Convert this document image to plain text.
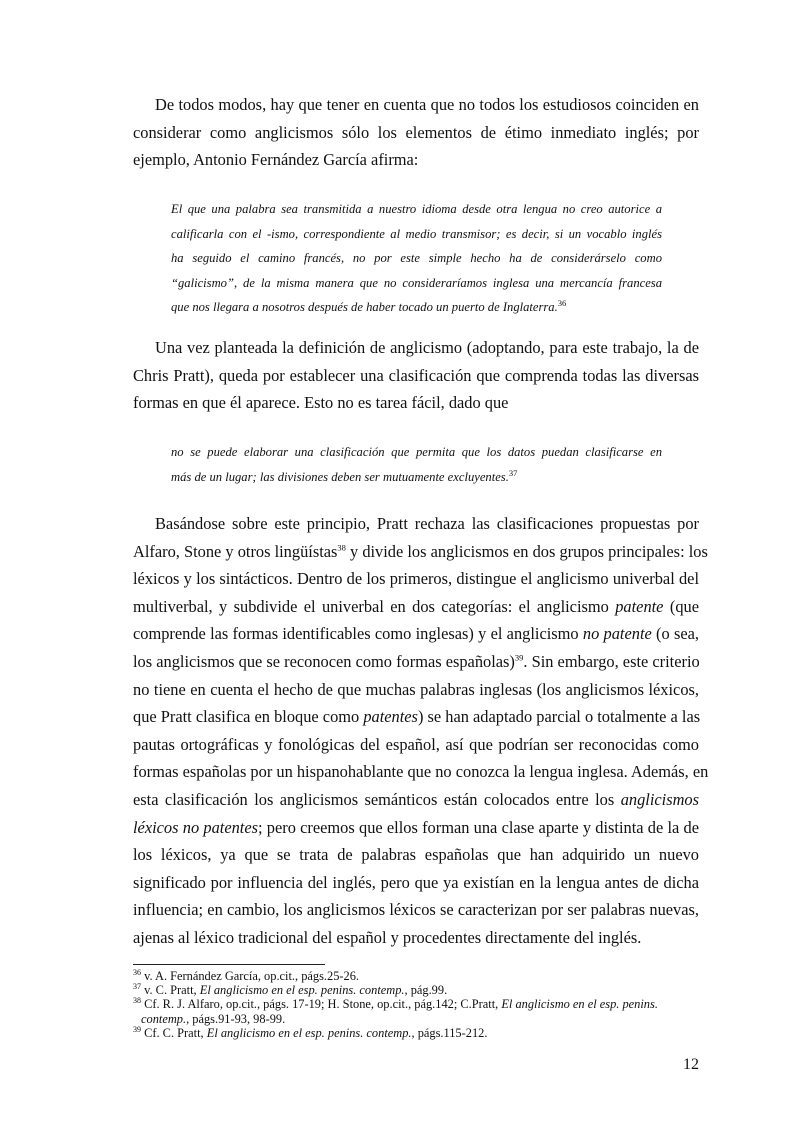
De todos modos, hay que tener en cuenta que no todos los estudiosos coinciden en
considerar como anglicismos sólo los elementos de étimo inmediato inglés; por
ejemplo, Antonio Fernández García afirma:
El que una palabra sea transmitida a nuestro idioma desde otra lengua no creo autorice a
calificarla con el -ismo, correspondiente al medio transmisor; es decir, si un vocablo inglés
ha seguido el camino francés, no por este simple hecho ha de considerárselo como
“galicismo”, de la misma manera que no consideraríamos inglesa una mercancía francesa
que nos llegara a nosotros después de haber tocado un puerto de Inglaterra.$^{36}$
Una vez planteada la definición de anglicismo (adoptando, para este trabajo, la de
Chris Pratt), queda por establecer una clasificación que comprenda todas las diversas
formas en que él aparece. Esto no es tarea fácil, dado que
no se puede elaborar una clasificación que permita que los datos puedan clasificarse en
más de un lugar; las divisiones deben ser mutuamente excluyentes.$^{37}$
Basándose sobre este principio, Pratt rechaza las clasificaciones propuestas por
Alfaro, Stone y otros lingüístas$^{38}$ y divide los anglicismos en dos grupos principales: los
léxicos y los sintácticos. Dentro de los primeros, distingue el anglicismo univerbal del
multiverbal, y subdivide el univerbal en dos categorías: el anglicismo patente (que
comprende las formas identificables como inglesas) y el anglicismo no patente (o sea,
los anglicismos que se reconocen como formas españolas)$^{39}$. Sin embargo, este criterio
no tiene en cuenta el hecho de que muchas palabras inglesas (los anglicismos léxicos,
que Pratt clasifica en bloque como patentes) se han adaptado parcial o totalmente a las
pautas ortográficas y fonológicas del español, así que podrían ser reconocidas como
formas españolas por un hispanohablante que no conozca la lengua inglesa. Además, en
esta clasificación los anglicismos semánticos están colocados entre los anglicismos
léxicos no patentes; pero creemos que ellos forman una clase aparte y distinta de la de
los léxicos, ya que se trata de palabras españolas que han adquirido un nuevo
significado por influencia del inglés, pero que ya existían en la lengua antes de dicha
influencia; en cambio, los anglicismos léxicos se caracterizan por ser palabras nuevas,
ajenas al léxico tradicional del español y procedentes directamente del inglés.
$^{36}$ v. A. Fernández García, op.cit., págs.25-26.
$^{37}$ v. C. Pratt, El anglicismo en el esp. penins. contemp., pág.99.
$^{38}$ Cf. R. J. Alfaro, op.cit., págs. 17-19; H. Stone, op.cit., pág.142; C.Pratt, El anglicismo en el esp. penins.
contemp., págs.91-93, 98-99.
$^{39}$ Cf. C. Pratt, El anglicismo en el esp. penins. contemp., págs.115-212.
12
